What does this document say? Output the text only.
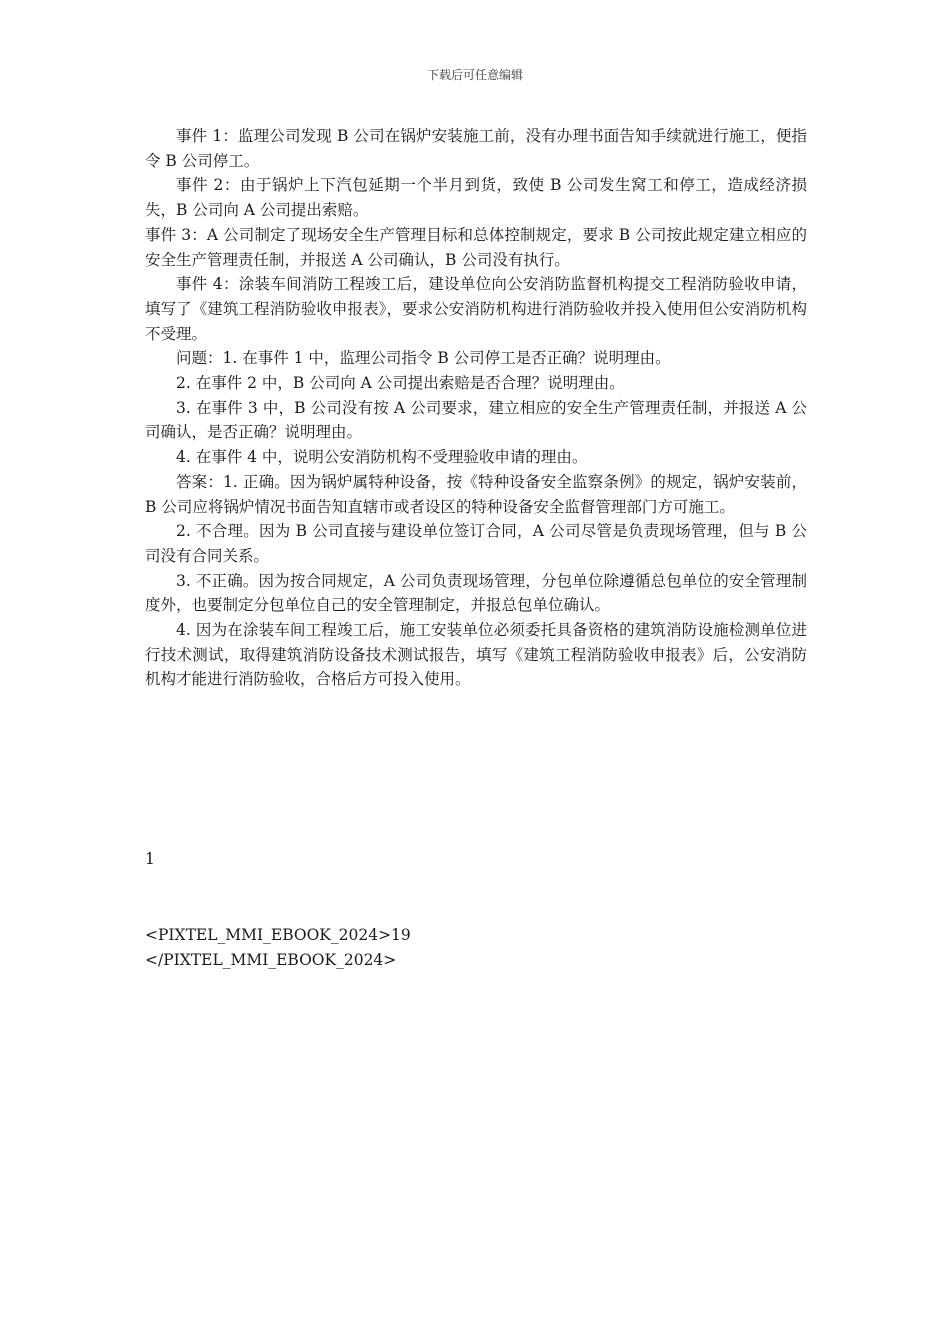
下载后可任意编辑

事件 1：监理公司发现 B 公司在锅炉安装施工前，没有办理书面告知手续就进行施工，便指令 B 公司停工。

事件 2：由于锅炉上下汽包延期一个半月到货，致使 B 公司发生窝工和停工，造成经济损失，B 公司向 A 公司提出索赔。

事件 3：A 公司制定了现场安全生产管理目标和总体控制规定，要求 B 公司按此规定建立相应的安全生产管理责任制，并报送 A 公司确认，B 公司没有执行。

事件 4：涂装车间消防工程竣工后，建设单位向公安消防监督机构提交工程消防验收申请，填写了《建筑工程消防验收申报表》，要求公安消防机构进行消防验收并投入使用但公安消防机构不受理。

问题：1. 在事件 1 中，监理公司指令 B 公司停工是否正确？说明理由。

2. 在事件 2 中，B 公司向 A 公司提出索赔是否合理？说明理由。

3. 在事件 3 中，B 公司没有按 A 公司要求，建立相应的安全生产管理责任制，并报送 A 公司确认，是否正确？说明理由。

4. 在事件 4 中，说明公安消防机构不受理验收申请的理由。

答案：1. 正确。因为锅炉属特种设备，按《特种设备安全监察条例》的规定，锅炉安装前，B 公司应将锅炉情况书面告知直辖市或者设区的特种设备安全监督管理部门方可施工。

2. 不合理。因为 B 公司直接与建设单位签订合同，A 公司尽管是负责现场管理，但与 B 公司没有合同关系。

3. 不正确。因为按合同规定，A 公司负责现场管理，分包单位除遵循总包单位的安全管理制度外，也要制定分包单位自己的安全管理制定，并报总包单位确认。

4. 因为在涂装车间工程竣工后，施工安装单位必须委托具备资格的建筑消防设施检测单位进行技术测试，取得建筑消防设备技术测试报告，填写《建筑工程消防验收申报表》后，公安消防机构才能进行消防验收，合格后方可投入使用。

1
<PIXTEL_MMI_EBOOK_2024>19
</PIXTEL_MMI_EBOOK_2024>
